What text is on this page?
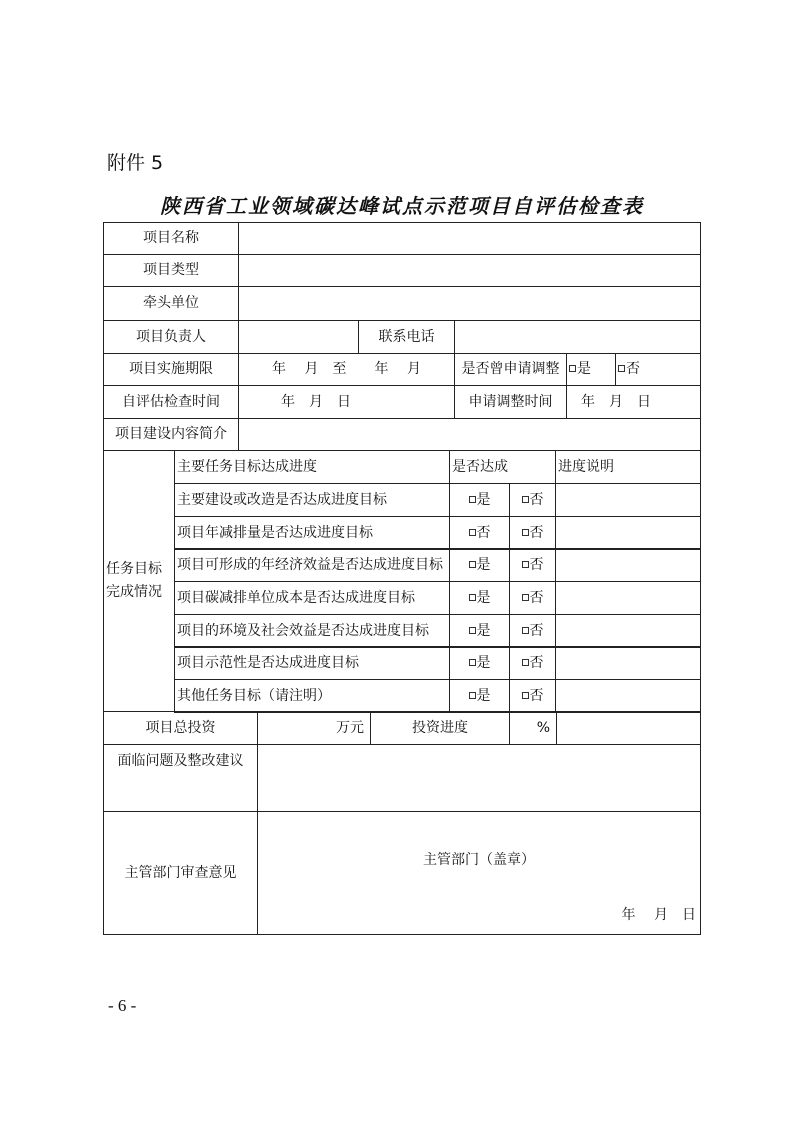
附件 5
陕西省工业领域碳达峰试点示范项目自评估检查表
项目名称
项目类型
牵头单位
项目负责人	联系电话
项目实施期限	年　 月　至　　年　 月	是否曾申请调整	是	否
自评估检查时间	年　月　日	申请调整时间	年　月　日
项目建设内容简介
任务目标
完成情况
主要任务目标达成进度	是否达成	进度说明
主要建设或改造是否达成进度目标	是	否
项目年减排量是否达成进度目标	否	否
项目可形成的年经济效益是否达成进度目标	是	否
项目碳减排单位成本是否达成进度目标	是	否
项目的环境及社会效益是否达成进度目标	是	否
项目示范性是否达成进度目标	是	否
其他任务目标（请注明）	是	否
项目总投资	万元	投资进度	%
面临问题及整改建议
主管部门审查意见
主管部门（盖章）
年　 月　日
- 6 -
